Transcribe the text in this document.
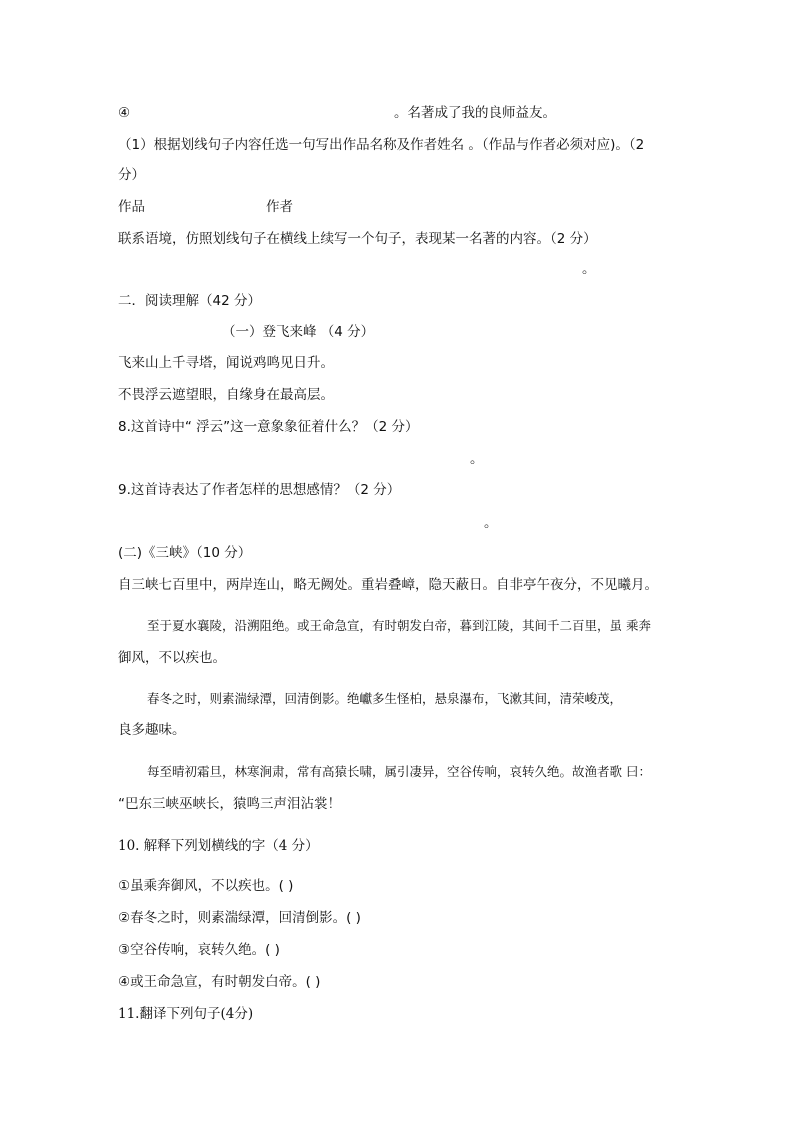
④	。名著成了我的良师益友。
（1）根据划线句子内容任选一句写出作品名称及作者姓名 。（作品与作者必须对应)。（2
分）
作品	作者
联系语境，仿照划线句子在横线上续写一个句子，表现某一名著的内容。（2 分）
。
二．阅读理解（42 分）
（一）登飞来峰 （4 分）
飞来山上千寻塔，闻说鸡鸣见日升。
不畏浮云遮望眼，自缘身在最高层。
8.这首诗中“ 浮云”这一意象象征着什么？（2 分）
。
9.这首诗表达了作者怎样的思想感情？（2 分）
。
(二)《三峡》（10 分）
自三峡七百里中，两岸连山，略无阙处。重岩叠嶂，隐天蔽日。自非亭午夜分，不见曦月。
至于夏水襄陵，沿溯阻绝。或王命急宣，有时朝发白帝，暮到江陵，其间千二百里，虽 乘奔
御风，不以疾也。
春冬之时，则素湍绿潭，回清倒影。绝巘多生怪柏，悬泉瀑布，飞漱其间，清荣峻茂，
良多趣味。
每至晴初霜旦，林寒涧肃，常有高猿长啸，属引凄异，空谷传响，哀转久绝。故渔者歌 曰：
“巴东三峡巫峡长，猿鸣三声泪沾裳！
10. 解释下列划横线的字（4 分）
①虽乘奔御风，不以疾也。( )
②春冬之时，则素湍绿潭，回清倒影。( )
③空谷传响，哀转久绝。( )
④或王命急宣，有时朝发白帝。( )
11.翻译下列句子(4分)
